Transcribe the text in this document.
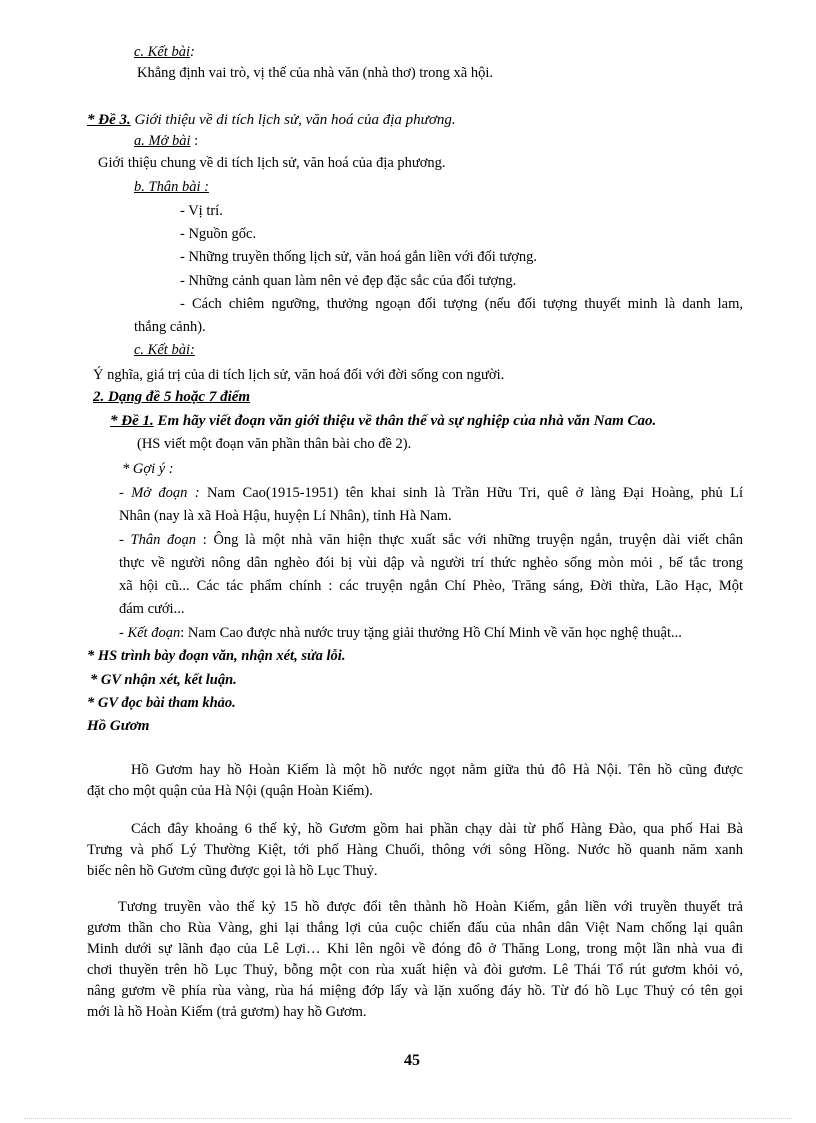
c. Kết bài:
Khẳng định vai trò, vị thế của nhà văn (nhà thơ) trong xã hội.
* Đề 3. Giới thiệu về di tích lịch sử, văn hoá của địa phương.
a. Mở bài :
Giới thiệu chung về di tích lịch sử, văn hoá của địa phương.
b. Thân bài :
- Vị trí.
- Nguồn gốc.
- Những truyền thống lịch sử, văn hoá gắn liền với đối tượng.
- Những cảnh quan làm nên vẻ đẹp đặc sắc của đối tượng.
- Cách chiêm ngưỡng, thưởng ngoạn đối tượng (nếu đối tượng thuyết minh là danh lam,
thắng cảnh).
c. Kết bài:
Ý nghĩa, giá trị của di tích lịch sử, văn hoá đối với đời sống con người.
2. Dạng đề 5 hoặc 7 điểm
* Đề 1. Em hãy viết đoạn văn giới thiệu về thân thế và sự nghiệp của nhà văn Nam Cao.
(HS viết một đoạn văn phần thân bài cho đề 2).
* Gợi ý :
- Mở đoạn : Nam Cao(1915-1951) tên khai sinh là Trần Hữu Tri, quê ở làng Đại Hoàng, phủ Lí
Nhân (nay là xã Hoà Hậu, huyện Lí Nhân), tỉnh Hà Nam.
- Thân đoạn : Ông là một nhà văn hiện thực xuất sắc với những truyện ngắn, truyện dài viết chân
thực về người nông dân nghèo đói bị vùi dập và người trí thức nghèo sống mòn mỏi , bế tắc trong
xã hội cũ... Các tác phẩm chính : các truyện ngắn Chí Phèo, Trăng sáng, Đời thừa, Lão Hạc, Một
đám cưới...
- Kết đoạn: Nam Cao được nhà nước truy tặng giải thưởng Hồ Chí Minh về văn học nghệ thuật...
* HS trình bày đoạn văn, nhận xét, sửa lỗi.
* GV nhận xét, kết luận.
* GV đọc bài tham khảo.
Hồ Gươm
Hồ Gươm hay hồ Hoàn Kiếm là một hồ nước ngọt nằm giữa thủ đô Hà Nội. Tên hồ cũng được
đặt cho một quận của Hà Nội (quận Hoàn Kiếm).
Cách đây khoảng 6 thế kỷ, hồ Gươm gồm hai phần chạy dài từ phố Hàng Đào, qua phố Hai Bà
Trưng và phố Lý Thường Kiệt, tới phố Hàng Chuối, thông với sông Hồng. Nước hồ quanh năm xanh
biếc nên hồ Gươm cũng được gọi là hồ Lục Thuỷ.
Tương truyền vào thế kỷ 15 hồ được đổi tên thành hồ Hoàn Kiếm, gắn liền với truyền thuyết trả
gươm thần cho Rùa Vàng, ghi lại thắng lợi của cuộc chiến đấu của nhân dân Việt Nam chống lại quân
Minh dưới sự lãnh đạo của Lê Lợi… Khi lên ngôi về đóng đô ở Thăng Long, trong một lần nhà vua đi
chơi thuyền trên hồ Lục Thuỷ, bỗng một con rùa xuất hiện và đòi gươm. Lê Thái Tổ rút gươm khỏi vỏ,
nâng gươm về phía rùa vàng, rùa há miệng đớp lấy và lặn xuống đáy hồ. Từ đó hồ Lục Thuỷ có tên gọi
mới là hồ Hoàn Kiếm (trả gươm) hay hồ Gươm.
45
